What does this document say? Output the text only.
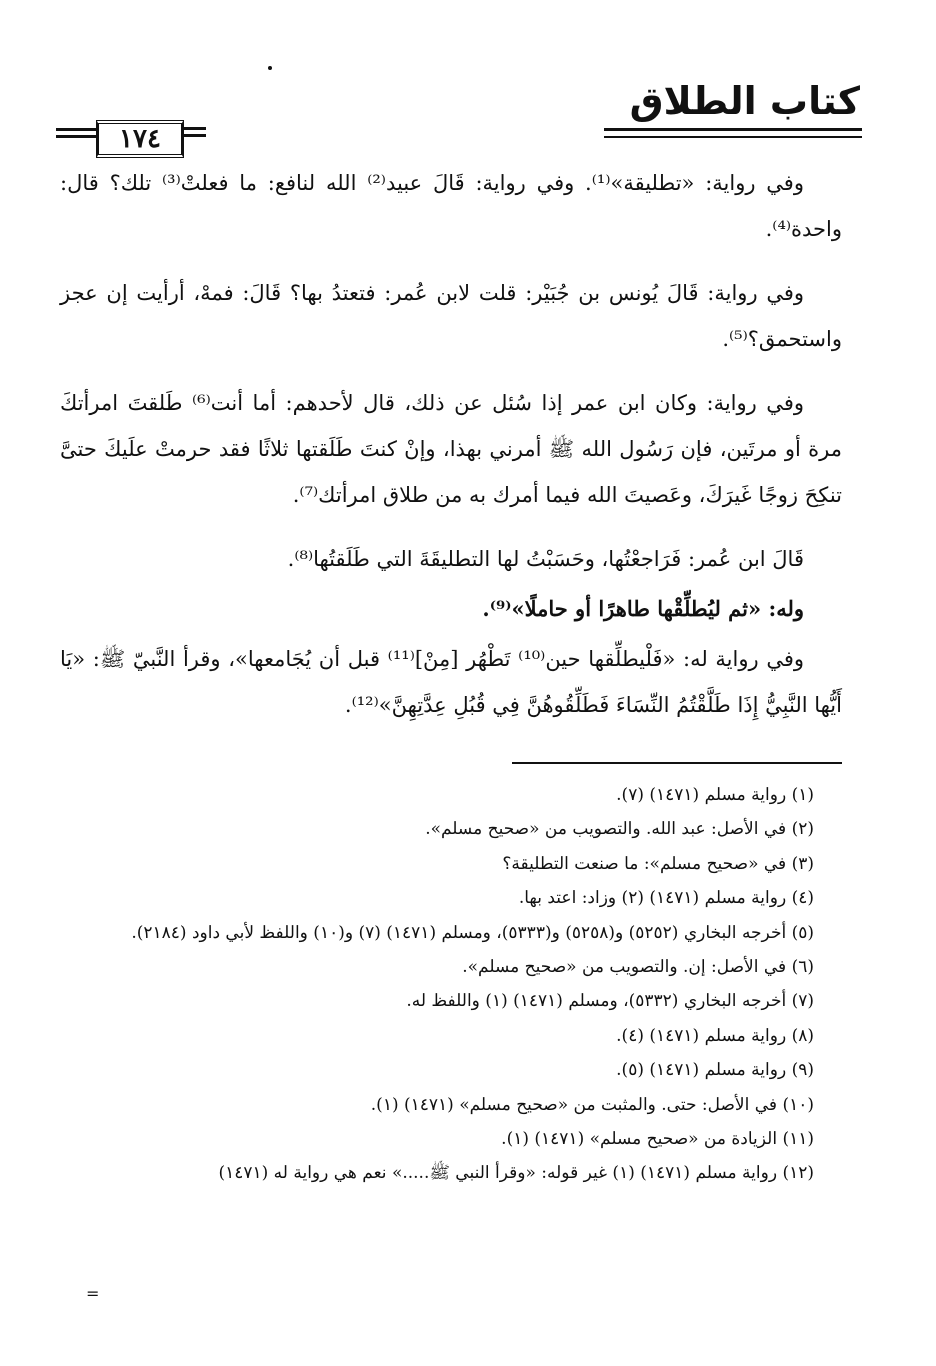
كتاب الطلاق
١٧٤

وفي رواية: «تطليقة»⁽¹⁾. وفي رواية: قَالَ عبيد⁽²⁾ الله لنافع: ما فعلتْ⁽³⁾ تلك؟ قال: واحدة⁽⁴⁾.

وفي رواية: قَالَ يُونس بن جُبَيْر: قلت لابن عُمر: فتعتدُ بها؟ قَالَ: فمهْ، أرأيت إن عجز واستحمق؟⁽⁵⁾.

وفي رواية: وكان ابن عمر إذا سُئل عن ذلك، قال لأحدهم: أما أنت⁽⁶⁾ طَلقتَ امرأتكَ مرة أو مرتَين، فإن رَسُول الله ﷺ أمرني بهذا، وإنْ كنتَ طَلَقتها ثلاثًا فقد حرمتْ علَيكَ حتىَّ تنكِحَ زوجًا غَيرَكَ، وعَصيتَ الله فيما أمرك به من طلاق امرأتك⁽⁷⁾.

قَالَ ابن عُمر: فَرَاجعْتُها، وحَسَبْتُ لها التطليقَةَ التي طَلَقتُها⁽⁸⁾.

وله: «ثم ليُطلِّقْها طاهرًا أو حاملًا»⁽⁹⁾.

وفي رواية له: «فَلْيطلِّقها حين⁽¹⁰⁾ تَطْهُر [مِنْ]⁽¹¹⁾ قبل أن يُجَامعها»، وقرأ النَّبيّ ﷺ: «يَا أَيُّها النَّبِيُّ إِذَا طَلَّقْتُمُ النِّسَاءَ فَطَلِّقُوهُنَّ فِي قُبُلِ عِدَّتِهِنَّ»⁽¹²⁾.

(١) رواية مسلم (١٤٧١) (٧).

(٢) في الأصل: عبد الله. والتصويب من «صحيح مسلم».

(٣) في «صحيح مسلم»: ما صنعت التطليقة؟

(٤) رواية مسلم (١٤٧١) (٢) وزاد: اعتد بها.

(٥) أخرجه البخاري (٥٢٥٢) و(٥٢٥٨) و(٥٣٣٣)، ومسلم (١٤٧١) (٧) و(١٠) واللفظ لأبي داود (٢١٨٤).

(٦) في الأصل: إن. والتصويب من «صحيح مسلم».

(٧) أخرجه البخاري (٥٣٣٢)، ومسلم (١٤٧١) (١) واللفظ له.

(٨) رواية مسلم (١٤٧١) (٤).

(٩) رواية مسلم (١٤٧١) (٥).

(١٠) في الأصل: حتى. والمثبت من «صحيح مسلم» (١٤٧١) (١).

(١١) الزيادة من «صحيح مسلم» (١٤٧١) (١).

(١٢) رواية مسلم (١٤٧١) (١) غير قوله: «وقرأ النبي ﷺ.....» نعم هي رواية له (١٤٧١)

=
